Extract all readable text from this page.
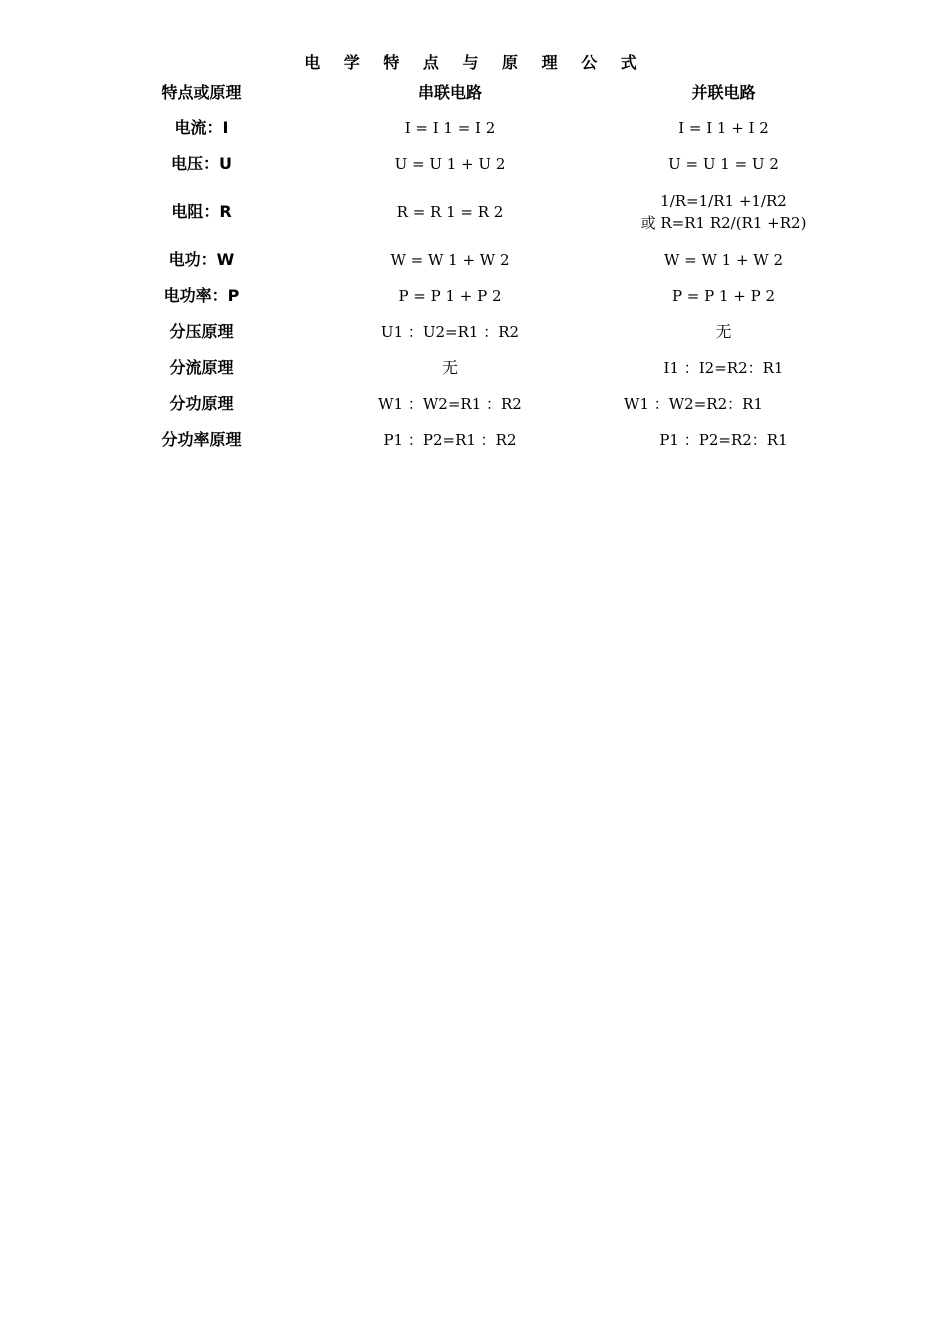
电 学 特 点 与 原 理 公 式
特点或原理	串联电路	并联电路
电流：I	I = I 1 = I 2	I = I 1 + I 2
电压：U	U = U 1 + U 2	U = U 1 = U 2
电阻：R	R = R 1 = R 2	1/R=1/R1 +1/R2
或 R=R1 R2/(R1 +R2)

电功：W	W = W 1 + W 2	W = W 1 + W 2
电功率：P	P = P 1 + P 2	P = P 1 + P 2
分压原理	U1 ：U2=R1 ：R2	无
分流原理	无	I1 ：I2=R2：R1
分功原理	W1 ：W2=R1 ：R2	W1 ：W2=R2：R1
分功率原理	P1 ：P2=R1 ：R2	P1 ：P2=R2：R1
